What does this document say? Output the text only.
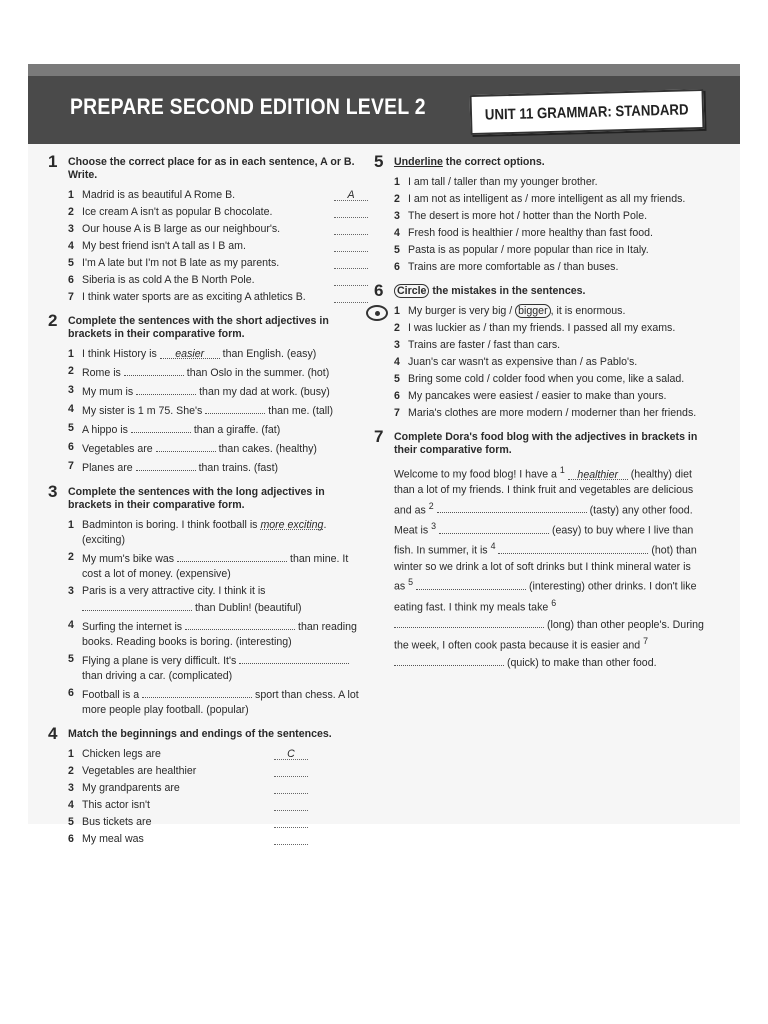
PREPARE SECOND EDITION LEVEL 2	UNIT 11 GRAMMAR: STANDARD
1 Choose the correct place for as in each sentence, A or B. Write.
1 Madrid is as beautiful A Rome B.	A
2 Ice cream A isn't as popular B chocolate.
3 Our house A is B large as our neighbour's.
4 My best friend isn't A tall as I B am.
5 I'm A late but I'm not B late as my parents.
6 Siberia is as cold A the B North Pole.
7 I think water sports are as exciting A athletics B.
2 Complete the sentences with the short adjectives in brackets in their comparative form.
1 I think History is easier than English. (easy)
2 Rome is	than Oslo in the summer. (hot)
3 My mum is	than my dad at work. (busy)
4 My sister is 1 m 75. She's	than me. (tall)
5 A hippo is	than a giraffe. (fat)
6 Vegetables are	than cakes. (healthy)
7 Planes are	than trains. (fast)
3 Complete the sentences with the long adjectives in brackets in their comparative form.
1 Badminton is boring. I think football is more exciting. (exciting)
2 My mum's bike was	than mine. It cost a lot of money. (expensive)
3 Paris is a very attractive city. I think it is  than Dublin! (beautiful)
4 Surfing the internet is	than reading books. Reading books is boring. (interesting)
5 Flying a plane is very difficult. It's  than driving a car. (complicated)
6 Football is a	sport than chess. A lot more people play football. (popular)
4 Match the beginnings and endings of the sentences.
1 Chicken legs are	C
2 Vegetables are healthier
3 My grandparents are
4 This actor isn't
5 Bus tickets are
6 My meal was
5 Underline the correct options.
1 I am tall / taller than my younger brother.
2 I am not as intelligent as / more intelligent as all my friends.
3 The desert is more hot / hotter than the North Pole.
4 Fresh food is healthier / more healthy than fast food.
5 Pasta is as popular / more popular than rice in Italy.
6 Trains are more comfortable as / than buses.
6 Circle the mistakes in the sentences.
1 My burger is very big / bigger , it is enormous.
2 I was luckier as / than my friends. I passed all my exams.
3 Trains are faster / fast than cars.
4 Juan's car wasn't as expensive than / as Pablo's.
5 Bring some cold / colder food when you come, like a salad.
6 My pancakes were easiest / easier to make than yours.
7 Maria's clothes are more modern / moderner than her friends.
7 Complete Dora's food blog with the adjectives in brackets in their comparative form.
Welcome to my food blog! I have a $^1$ healthier (healthy) diet than a lot of my friends. I think fruit and vegetables are delicious and as $^2$	(tasty) any other food. Meat is $^3$	(easy) to buy where I live than fish. In summer, it is $^4$	(hot) than winter so we drink a lot of soft drinks but I think mineral water is as $^5$	(interesting) other drinks. I don't like eating fast. I think my meals take $^6$  (long) than other people's. During the week, I often cook pasta because it is easier and $^7$  (quick) to make than other food.
